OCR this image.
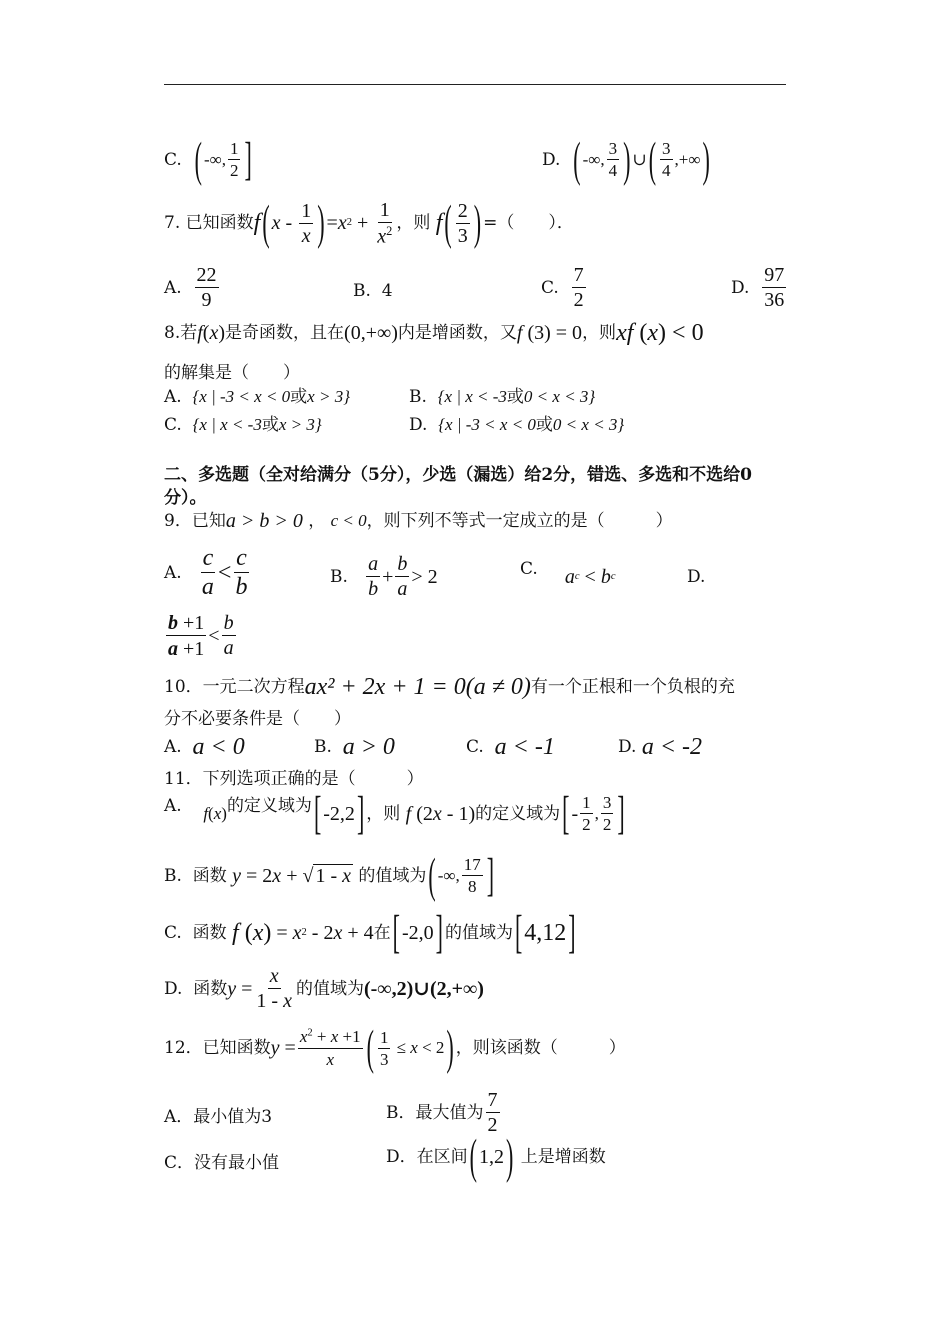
C.
( -∞, $\frac{1}{2}$ ]	D.
( -∞, $\frac{3}{4}$ ) ∪ ( $\frac{3}{4}$ ,+∞ )
7.
已知函数 f ( x - $\frac{1}{x}$ ) = x $2 + \frac{1}{x^2}$ ，则
f ( $\frac{2}{3}$ ) =（　　）．
A.
$\frac{22}{9}$	B. 4	C.
$\frac{7}{2}$	D.
$\frac{97}{36}$
8.若 f ( x ) 是奇函数，且在 (0,+∞) 内是增函数，又 f (3) = 0 ，则 xf ( x ) < 0
的解集是（　　）
A. {x | -3 < x < 0或x > 3}	B. {x | x < -3或0 < x < 3}
C. {x | x < -3或x > 3}	D. {x | -3 < x < 0或0 < x < 3}
二、多选题（全对给满分（5分），少选（漏选）给2分，错选、多选和不选给0
分）。
9．已知 a > b > 0 ， c < 0 ，则下列不等式一定成立的是（　　　）
A.
$\frac{c}{a} < \frac{c}{b}$	B.
$\frac{a}{b} + \frac{b}{a} > 2$	C.
a c < b c	D.
$\frac{b +1}{a +1} < \frac{b}{a}$
10．一元二次方程 ax² + 2x + 1 = 0(a ≠ 0) 有一个正根和一个负根的充
分不必要条件是（　　）
A.
a < 0	B.
a > 0	C.
a < -1	D.
a < -2
11．下列选项正确的是（　　　）
A.
f ( x ) 的定义域为 [ -2,2 ] ，则
f (2 x - 1) 的定义域为 [ - $\frac{1}{2}$ , $\frac{3}{2}$ ]
B.
函数
y = 2 x + √ 1 - x
的值域为 ( -∞, $\frac{17}{8}$ ]
C.
函数
f ( x ) = x 2 - 2 x + 4 在 [ -2,0 ] 的值域为 [ 4,12 ]
D.
函数 $y = \frac{x}{1 - x}$ 的值域为 (-∞,2)∪(2,+∞)
12．已知函数 $y = \frac{x^2 + x +1}{x}$ ( $\frac{1}{3} \le x < 2$ ) ，则该函数（　　　）
A．最小值为3	B．最大值为 $\frac{7}{2}$
C．没有最小值	D．在区间 ( 1,2 )
上是增函数
